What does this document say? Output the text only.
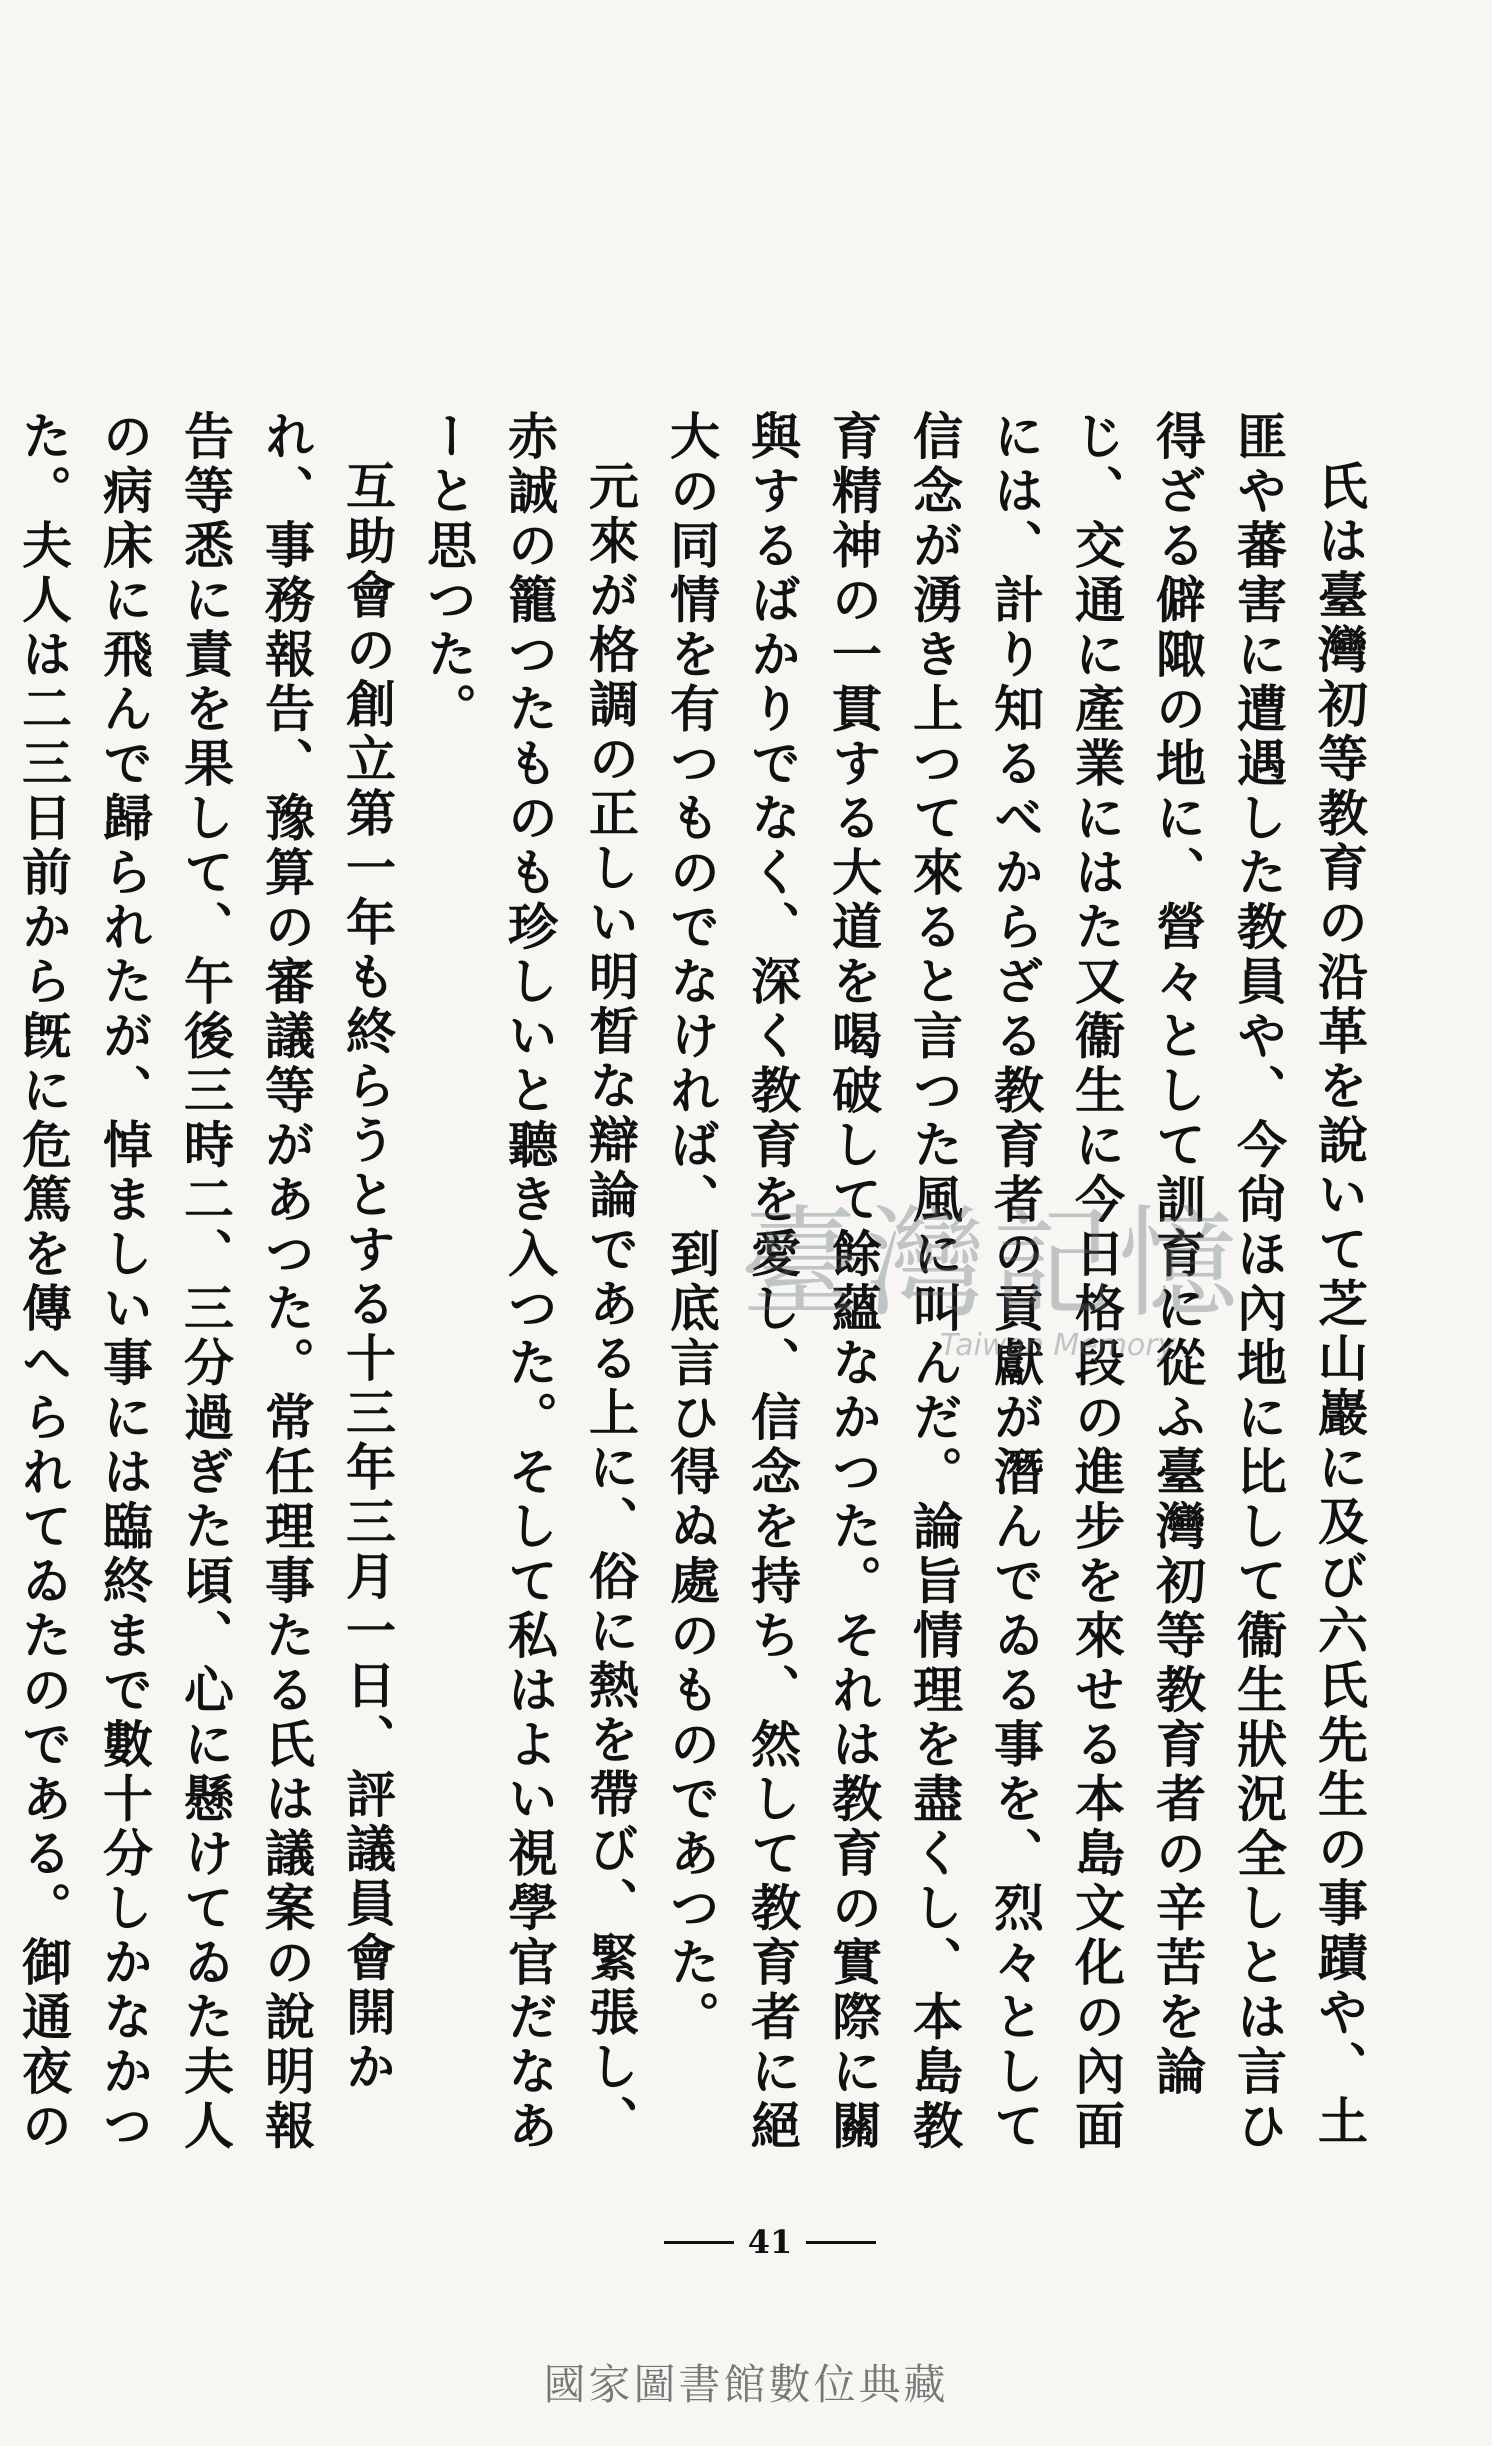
氏は臺灣初等教育の沿革を說いて芝山巖に及び六氏先生の事蹟や、土匪や蕃害に遭遇した教員や、今尙ほ內地に比して衞生狀況全しとは言ひ得ざる僻陬の地に、營々として訓育に從ふ臺灣初等教育者の辛苦を論じ、交通に產業にはた又衞生に今日格段の進步を來せる本島文化の內面には、計り知るべからざる教育者の貢獻が潛んでゐる事を、烈々として信念が湧き上つて來ると言つた風に叫んだ。論旨情理を盡くし、本島教育精神の一貫する大道を喝破して餘蘊なかつた。それは教育の實際に關與するばかりでなく、深く教育を愛し、信念を持ち、然して教育者に絕大の同情を有つものでなければ、到底言ひ得ぬ處のものであつた。

元來が格調の正しい明晳な辯論である上に、俗に熱を帶び、緊張し、赤誠の籠つたものも珍しいと聽き入つた。そして私はよい視學官だなあーと思つた。

互助會の創立第一年も終らうとする十三年三月一日、評議員會開かれ、事務報告、豫算の審議等があつた。常任理事たる氏は議案の說明報告等悉に責を果して、午後三時二、三分過ぎた頃、心に懸けてゐた夫人の病床に飛んで歸られたが、悼ましい事には臨終まで數十分しかなかつた。夫人は二三日前から旣に危篤を傳へられてゐたのである。御通夜の

臺灣記憶
Taiwan Memory
41
國家圖書館數位典藏
